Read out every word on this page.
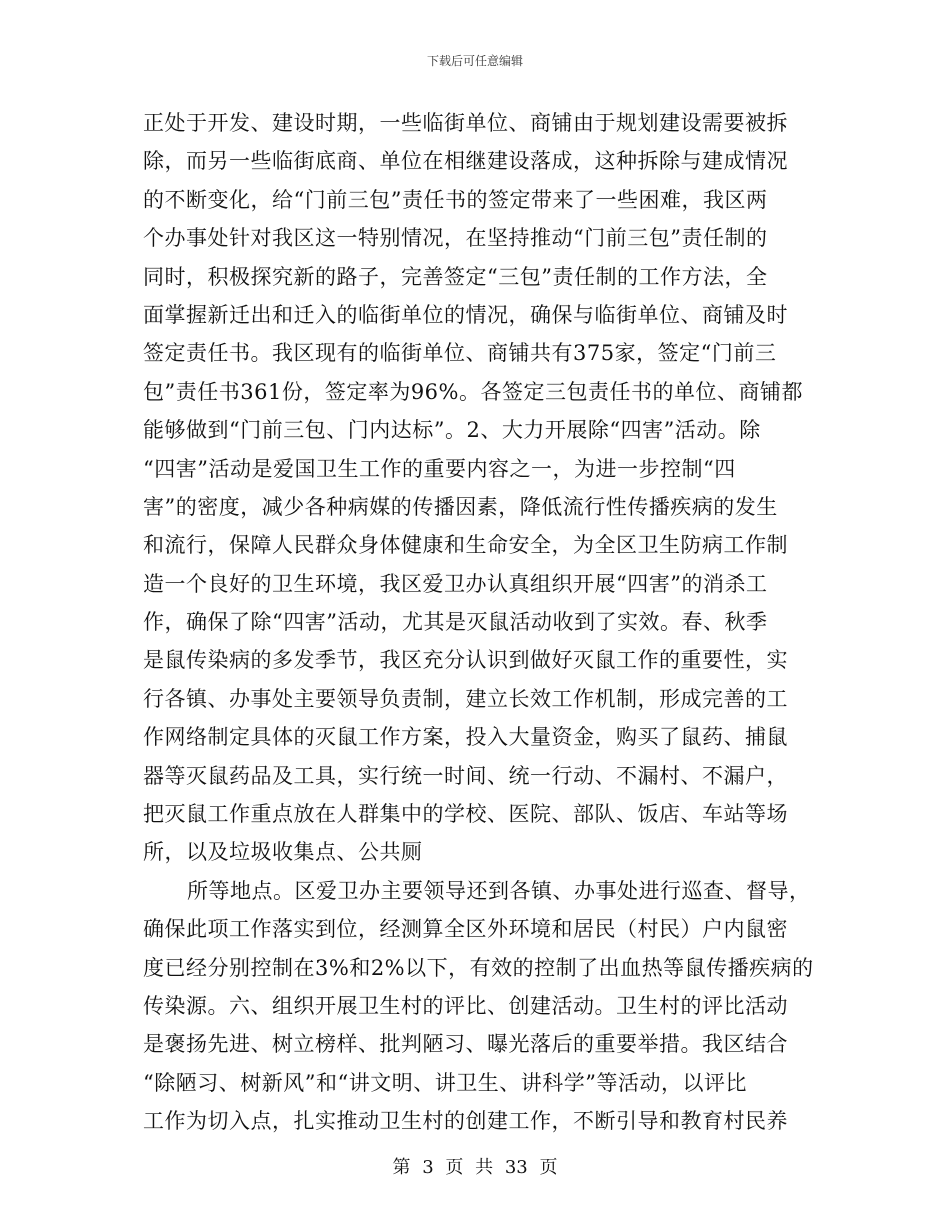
下载后可任意编辑
正处于开发、建设时期，一些临街单位、商铺由于规划建设需要被拆
除，而另一些临街底商、单位在相继建设落成，这种拆除与建成情况
的不断变化，给“门前三包”责任书的签定带来了一些困难，我区两
个办事处针对我区这一特别情况，在坚持推动“门前三包”责任制的
同时，积极探究新的路子，完善签定“三包”责任制的工作方法，全
面掌握新迁出和迁入的临街单位的情况，确保与临街单位、商铺及时
签定责任书。我区现有的临街单位、商铺共有375家，签定“门前三
包”责任书361份，签定率为96%。各签定三包责任书的单位、商铺都
能够做到“门前三包、门内达标”。2、大力开展除“四害”活动。除
“四害”活动是爱国卫生工作的重要内容之一，为进一步控制“四
害”的密度，减少各种病媒的传播因素，降低流行性传播疾病的发生
和流行，保障人民群众身体健康和生命安全，为全区卫生防病工作制
造一个良好的卫生环境，我区爱卫办认真组织开展“四害”的消杀工
作，确保了除“四害”活动，尤其是灭鼠活动收到了实效。春、秋季
是鼠传染病的多发季节，我区充分认识到做好灭鼠工作的重要性，实
行各镇、办事处主要领导负责制，建立长效工作机制，形成完善的工
作网络制定具体的灭鼠工作方案，投入大量资金，购买了鼠药、捕鼠
器等灭鼠药品及工具，实行统一时间、统一行动、不漏村、不漏户，
把灭鼠工作重点放在人群集中的学校、医院、部队、饭店、车站等场
所，以及垃圾收集点、公共厕
所等地点。区爱卫办主要领导还到各镇、办事处进行巡查、督导，
确保此项工作落实到位，经测算全区外环境和居民（村民）户内鼠密
度已经分别控制在3%和2%以下，有效的控制了出血热等鼠传播疾病的
传染源。六、组织开展卫生村的评比、创建活动。卫生村的评比活动
是褒扬先进、树立榜样、批判陋习、曝光落后的重要举措。我区结合
“除陋习、树新风”和“讲文明、讲卫生、讲科学”等活动，以评比
工作为切入点，扎实推动卫生村的创建工作，不断引导和教育村民养
第 3 页 共 33 页
